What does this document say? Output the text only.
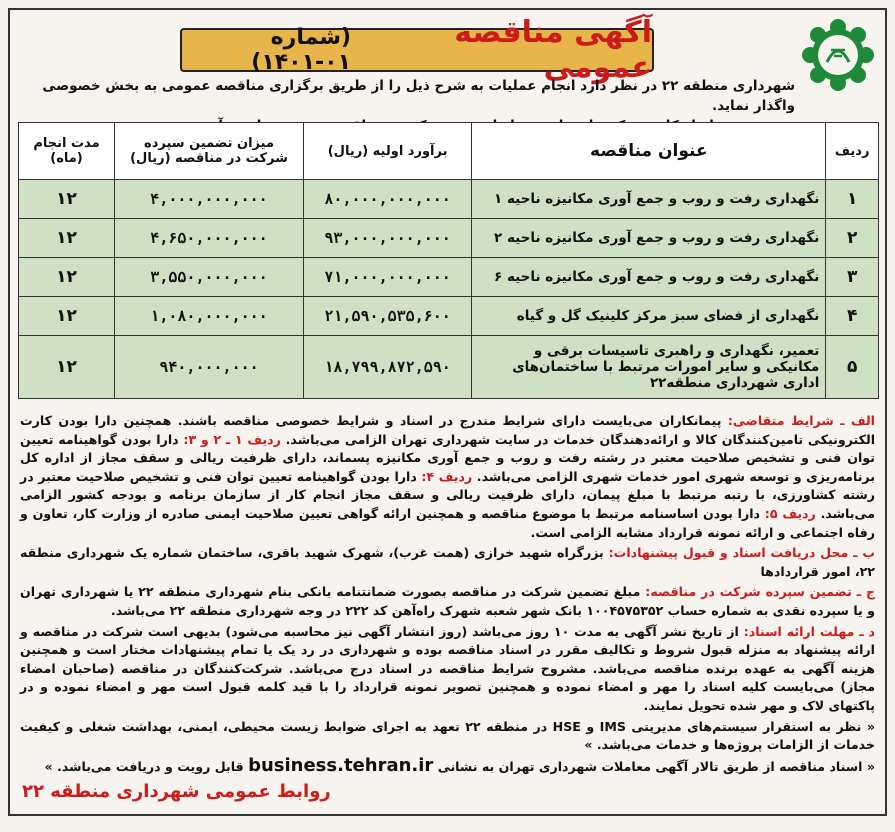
آگهی مناقصه عمومی
(شماره ۰۱-۱۴۰۱)
شهرداری منطقه ۲۲ در نظر دارد انجام عملیات به شرح ذیل را از طریق برگزاری مناقصه عمومی به بخش خصوصی واگذار نماید.
ردیف	عنوان مناقصه	برآورد اولیه (ریال)	میزان تضمین سپرده شرکت در مناقصه (ریال)	مدت انجام (ماه)
۱	نگهداری رفت و روب و جمع آوری مکانیزه ناحیه ۱	۸۰,۰۰۰,۰۰۰,۰۰۰	۴,۰۰۰,۰۰۰,۰۰۰	۱۲
۲	نگهداری رفت و روب و جمع آوری مکانیزه ناحیه ۲	۹۳,۰۰۰,۰۰۰,۰۰۰	۴,۶۵۰,۰۰۰,۰۰۰	۱۲
۳	نگهداری رفت و روب و جمع آوری مکانیزه ناحیه ۶	۷۱,۰۰۰,۰۰۰,۰۰۰	۳,۵۵۰,۰۰۰,۰۰۰	۱۲
۴	نگهداری از فضای سبز مرکز کلینیک گل و گیاه	۲۱,۵۹۰,۵۳۵,۶۰۰	۱,۰۸۰,۰۰۰,۰۰۰	۱۲
۵	تعمیر، نگهداری و راهبری تاسیسات برقی و مکانیکی و سایر امورات مرتبط با ساختمان‌های اداری شهرداری منطقه۲۲	۱۸,۷۹۹,۸۷۲,۵۹۰	۹۴۰,۰۰۰,۰۰۰	۱۲

الف ـ شرایط متقاضی: پیمانکاران می‌بایست دارای شرایط مندرج در اسناد و شرایط خصوصی مناقصه باشند. همچنین دارا بودن کارت الکترونیکی تامین‌کنندگان کالا و ارائه‌دهندگان خدمات در سایت شهرداری تهران الزامی می‌باشد. ردیف ۱ ـ ۲ و ۳: دارا بودن گواهینامه تعیین توان فنی و تشخیص صلاحیت معتبر در رشته رفت و روب و جمع آوری مکانیزه پسماند، دارای ظرفیت ریالی و سقف مجاز از اداره کل برنامه‌ریزی و توسعه شهری امور خدمات شهری الزامی می‌باشد. ردیف ۴: دارا بودن گواهینامه تعیین توان فنی و تشخیص صلاحیت معتبر در رشته کشاورزی، با رتبه مرتبط با مبلغ پیمان، دارای ظرفیت ریالی و سقف مجاز انجام کار از سازمان برنامه و بودجه کشور الزامی می‌باشد. ردیف ۵: دارا بودن اساسنامه مرتبط با موضوع مناقصه و همچنین ارائه گواهی تعیین صلاحیت ایمنی صادره از وزارت کار، تعاون و رفاه اجتماعی و ارائه نمونه قرارداد مشابه الزامی است.

ب ـ محل دریافت اسناد و قبول پیشنهادات: بزرگراه شهید خرازی (همت غرب)، شهرک شهید باقری، ساختمان شماره یک شهرداری منطقه ۲۲، امور قراردادها

ج ـ تضمین سپرده شرکت در مناقصه: مبلغ تضمین شرکت در مناقصه بصورت ضمانتنامه بانکی بنام شهرداری منطقه ۲۲ یا شهرداری تهران و یا سپرده نقدی به شماره حساب ۱۰۰۴۵۷۵۳۵۲ بانک شهر شعبه شهرک راه‌آهن کد ۲۲۲ در وجه شهرداری منطقه ۲۲ می‌باشد.

د ـ مهلت ارائه اسناد: از تاریخ نشر آگهی به مدت ۱۰ روز می‌باشد (روز انتشار آگهی نیز محاسبه می‌شود) بدیهی است شرکت در مناقصه و ارائه پیشنهاد به منزله قبول شروط و تکالیف مقرر در اسناد مناقصه بوده و شهرداری در رد یک یا تمام پیشنهادات مختار است و همچنین هزینه آگهی به عهده برنده مناقصه می‌باشد. مشروح شرایط مناقصه در اسناد درج می‌باشد. شرکت‌کنندگان در مناقصه (صاحبان امضاء مجاز) می‌بایست کلیه اسناد را مهر و امضاء نموده و همچنین تصویر نمونه قرارداد را با قید کلمه قبول است مهر و امضاء نموده و در پاکتهای لاک و مهر شده تحویل نمایند.

« نظر به استقرار سیستم‌های مدیریتی IMS و HSE در منطقه ۲۲ تعهد به اجرای ضوابط زیست محیطی، ایمنی، بهداشت شغلی و کیفیت خدمات از الزامات پروژه‌ها و خدمات می‌باشد. »

« اسناد مناقصه از طریق تالار آگهی معاملات شهرداری تهران به نشانی business.tehran.ir قابل رویت و دریافت می‌باشد. »

روابط عمومی شهرداری منطقه ۲۲
